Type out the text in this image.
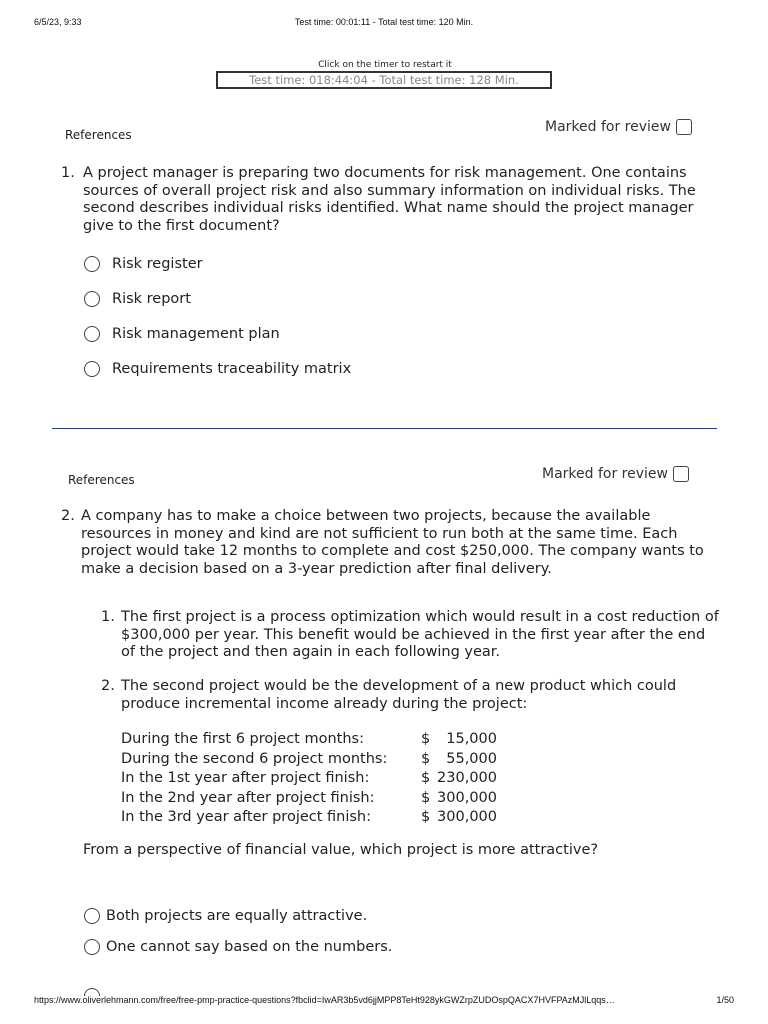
6/5/23, 9:33	Test time: 00:01:11 - Total test time: 120 Min.
Click on the timer to restart it
Test time: 018:44:04 - Total test time: 128 Min.
References	Marked for review
1. A project manager is preparing two documents for risk management. One contains sources of overall project risk and also summary information on individual risks. The second describes individual risks identified. What name should the project manager give to the first document?
Risk register
Risk report
Risk management plan
Requirements traceability matrix
References	Marked for review
2. A company has to make a choice between two projects, because the available resources in money and kind are not sufficient to run both at the same time. Each project would take 12 months to complete and cost $250,000. The company wants to make a decision based on a 3-year prediction after final delivery.
1. The first project is a process optimization which would result in a cost reduction of $300,000 per year. This benefit would be achieved in the first year after the end of the project and then again in each following year.
2. The second project would be the development of a new product which could produce incremental income already during the project:
During the first 6 project months:	$	15,000
During the second 6 project months:	$	55,000
In the 1st year after project finish:	$	230,000
In the 2nd year after project finish:	$	300,000
In the 3rd year after project finish:	$	300,000
From a perspective of financial value, which project is more attractive?
Both projects are equally attractive.
One cannot say based on the numbers.
https://www.oliverlehmann.com/free/free-pmp-practice-questions?fbclid=IwAR3b5vd6jjMPP8TeHt928ykGWZrpZUDOspQACX7HVFPAzMJlLqqs…	1/50
